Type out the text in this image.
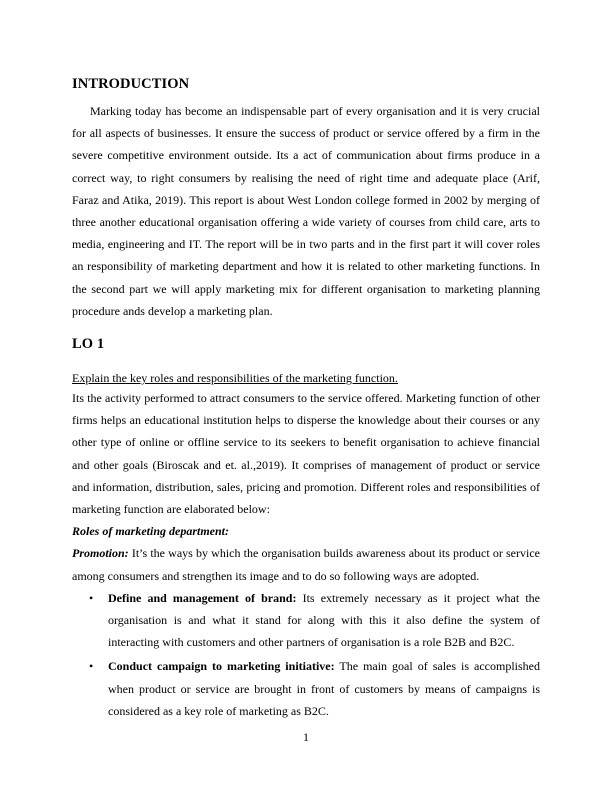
INTRODUCTION

Marking today has become an indispensable part of every organisation and it is very crucial for all aspects of businesses. It ensure the success of product or service offered by a firm in the severe competitive environment outside. Its a act of communication about firms produce in a correct way, to right consumers by realising the need of right time and adequate place (Arif, Faraz and Atika, 2019). This report is about West London college formed in 2002 by merging of three another educational organisation offering a wide variety of courses from child care, arts to media, engineering and IT. The report will be in two parts and in the first part it will cover roles an responsibility of marketing department and how it is related to other marketing functions. In the second part we will apply marketing mix for different organisation to marketing planning procedure ands develop a marketing plan.

LO 1

Explain the key roles and responsibilities of the marketing function.

Its the activity performed to attract consumers to the service offered. Marketing function of other firms helps an educational institution helps to disperse the knowledge about their courses or any other type of online or offline service to its seekers to benefit organisation to achieve financial and other goals (Biroscak and et. al.,2019). It comprises of management of product or service and information, distribution, sales, pricing and promotion. Different roles and responsibilities of marketing function are elaborated below:

Roles of marketing department:

Promotion: It’s the ways by which the organisation builds awareness about its product or service among consumers and strengthen its image and to do so following ways are adopted.

• Define and management of brand: Its extremely necessary as it project what the organisation is and what it stand for along with this it also define the system of interacting with customers and other partners of organisation is a role B2B and B2C.
• Conduct campaign to marketing initiative: The main goal of sales is accomplished when product or service are brought in front of customers by means of campaigns is considered as a key role of marketing as B2C.
1
